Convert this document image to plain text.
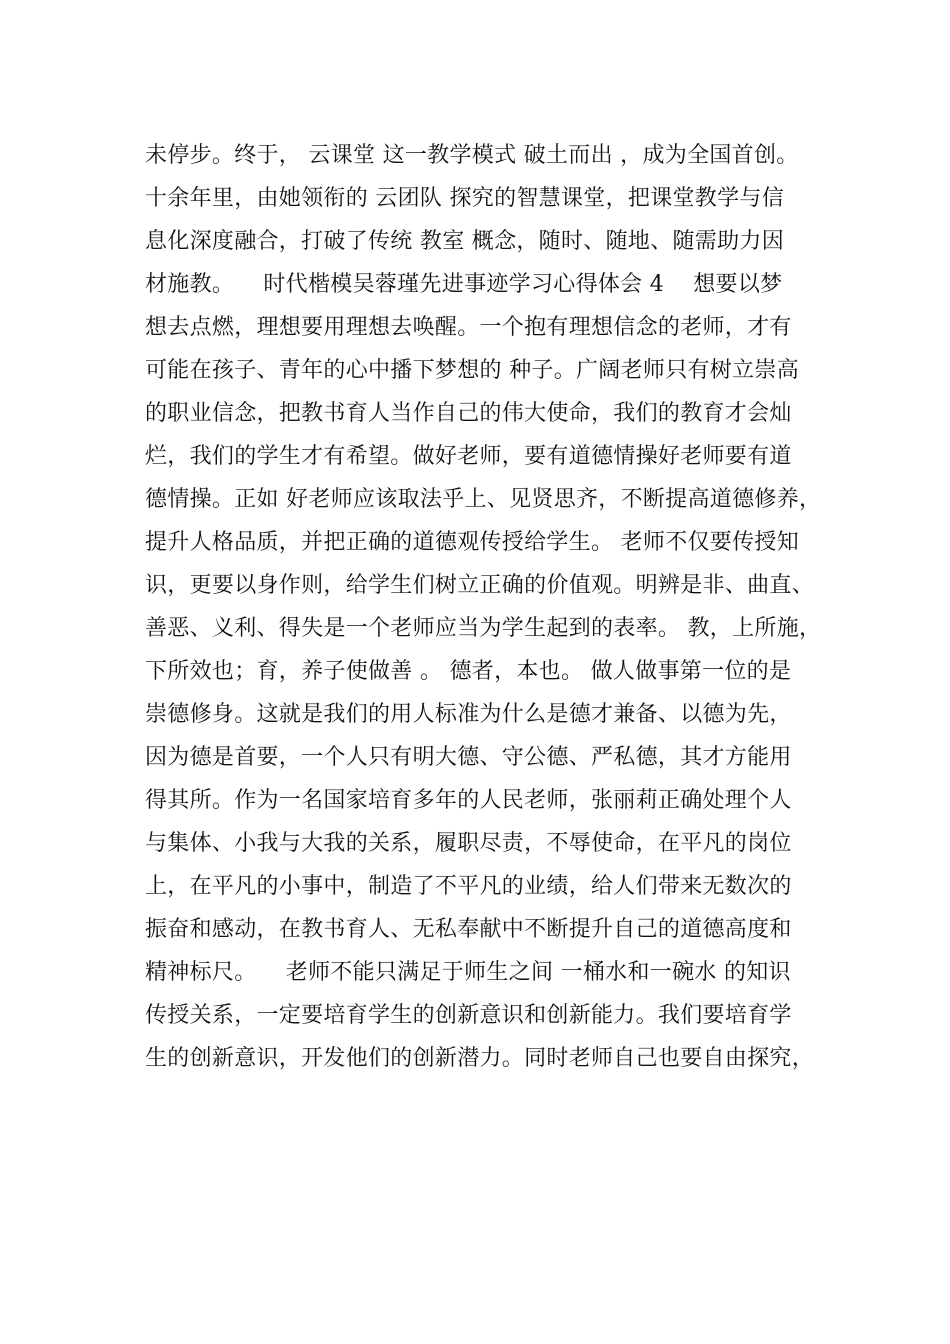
未停步。终于， 云课堂 这一教学模式 破土而出 ，成为全国首创。
十余年里，由她领衔的 云团队 探究的智慧课堂，把课堂教学与信
息化深度融合，打破了传统 教室 概念，随时、随地、随需助力因
材施教。    时代楷模吴蓉瑾先进事迹学习心得体会 4    想要以梦
想去点燃，理想要用理想去唤醒。一个抱有理想信念的老师，才有
可能在孩子、青年的心中播下梦想的 种子。广阔老师只有树立崇高
的职业信念，把教书育人当作自己的伟大使命，我们的教育才会灿
烂，我们的学生才有希望。做好老师，要有道德情操好老师要有道
德情操。正如 好老师应该取法乎上、见贤思齐，不断提高道德修养，
提升人格品质，并把正确的道德观传授给学生。 老师不仅要传授知
识，更要以身作则，给学生们树立正确的价值观。明辨是非、曲直、
善恶、义利、得失是一个老师应当为学生起到的表率。 教，上所施，
下所效也；育，养子使做善 。 德者，本也。 做人做事第一位的是
崇德修身。这就是我们的用人标准为什么是德才兼备、以德为先，
因为德是首要，一个人只有明大德、守公德、严私德，其才方能用
得其所。作为一名国家培育多年的人民老师，张丽莉正确处理个人
与集体、小我与大我的关系，履职尽责，不辱使命，在平凡的岗位
上，在平凡的小事中，制造了不平凡的业绩，给人们带来无数次的
振奋和感动，在教书育人、无私奉献中不断提升自己的道德高度和
精神标尺。    老师不能只满足于师生之间 一桶水和一碗水 的知识
传授关系，一定要培育学生的创新意识和创新能力。我们要培育学
生的创新意识，开发他们的创新潜力。同时老师自己也要自由探究，
